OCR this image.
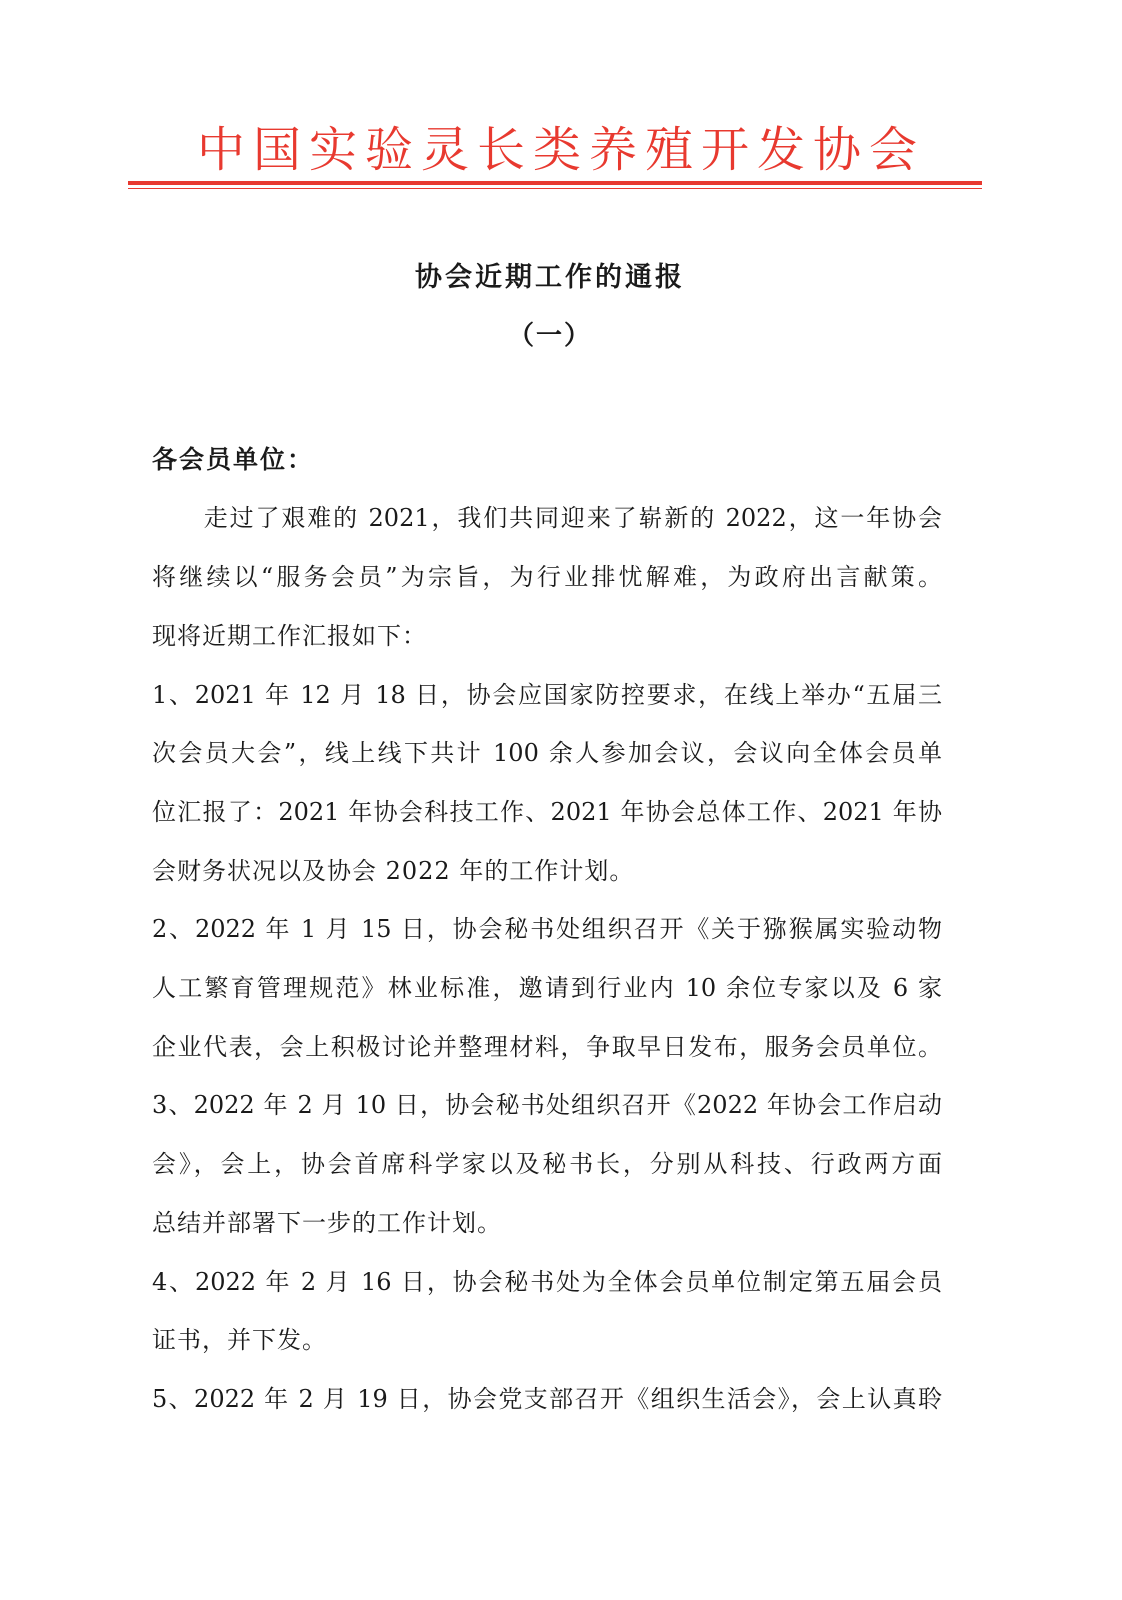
中国实验灵长类养殖开发协会
协会近期工作的通报
（一）
各会员单位：
　　走过了艰难的 2021，我们共同迎来了崭新的 2022，这一年协会
将继续以“服务会员”为宗旨，为行业排忧解难，为政府出言献策。
现将近期工作汇报如下：
1、2021 年 12 月 18 日，协会应国家防控要求，在线上举办“五届三
次会员大会”，线上线下共计 100 余人参加会议，会议向全体会员单
位汇报了：2021 年协会科技工作、2021 年协会总体工作、2021 年协
会财务状况以及协会 2022 年的工作计划。
2、2022 年 1 月 15 日，协会秘书处组织召开《关于猕猴属实验动物
人工繁育管理规范》林业标准，邀请到行业内 10 余位专家以及 6 家
企业代表，会上积极讨论并整理材料，争取早日发布，服务会员单位。
3、2022 年 2 月 10 日，协会秘书处组织召开《2022 年协会工作启动
会》，会上，协会首席科学家以及秘书长，分别从科技、行政两方面
总结并部署下一步的工作计划。
4、2022 年 2 月 16 日，协会秘书处为全体会员单位制定第五届会员
证书，并下发。
5、2022 年 2 月 19 日，协会党支部召开《组织生活会》，会上认真聆
